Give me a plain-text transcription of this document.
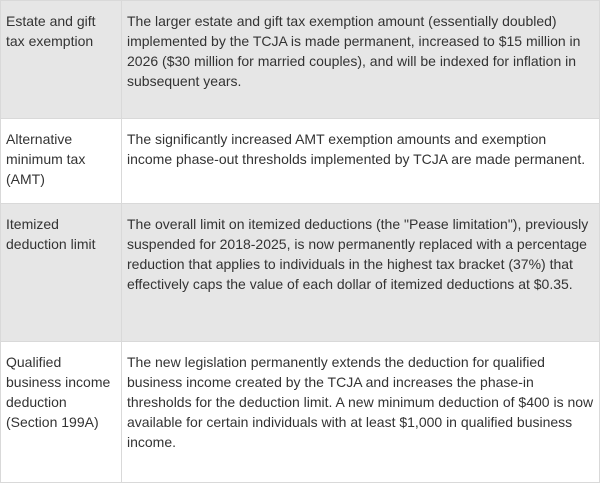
Estate and gift tax exemption	The larger estate and gift tax exemption amount (essentially doubled) implemented by the TCJA is made permanent, increased to $15 million in 2026 ($30 million for married couples), and will be indexed for inflation in subsequent years.
Alternative minimum tax (AMT)	The significantly increased AMT exemption amounts and exemption income phase-out thresholds implemented by TCJA are made permanent.
Itemized deduction limit	The overall limit on itemized deductions (the "Pease limitation"), previously suspended for 2018-2025, is now permanently replaced with a percentage reduction that applies to individuals in the highest tax bracket (37%) that effectively caps the value of each dollar of itemized deductions at $0.35.
Qualified business income deduction (Section 199A)	The new legislation permanently extends the deduction for qualified business income created by the TCJA and increases the phase-in thresholds for the deduction limit. A new minimum deduction of $400 is now available for certain individuals with at least $1,000 in qualified business income.
